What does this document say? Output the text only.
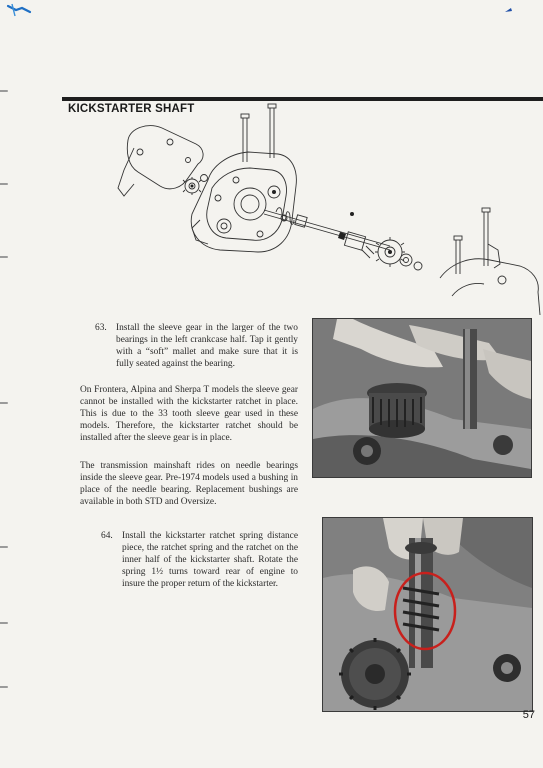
KICKSTARTER SHAFT
63. Install the sleeve gear in the larger of the two bearings in the left crankcase half. Tap it gently with a “soft” mallet and make sure that it is fully seated against the bearing.
On Frontera, Alpina and Sherpa T models the sleeve gear cannot be installed with the kickstarter ratchet in place. This is due to the 33 tooth sleeve gear used in these models. Therefore, the kickstarter ratchet should be installed after the sleeve gear is in place.
The transmission mainshaft rides on needle bearings inside the sleeve gear. Pre-1974 models used a bushing in place of the needle bearing. Replacement bushings are available in both STD and Oversize.
64. Install the kickstarter ratchet spring distance piece, the ratchet spring and the ratchet on the inner half of the kickstarter shaft. Rotate the spring 1½ turns toward rear of engine to insure the proper return of the kickstarter.
57
